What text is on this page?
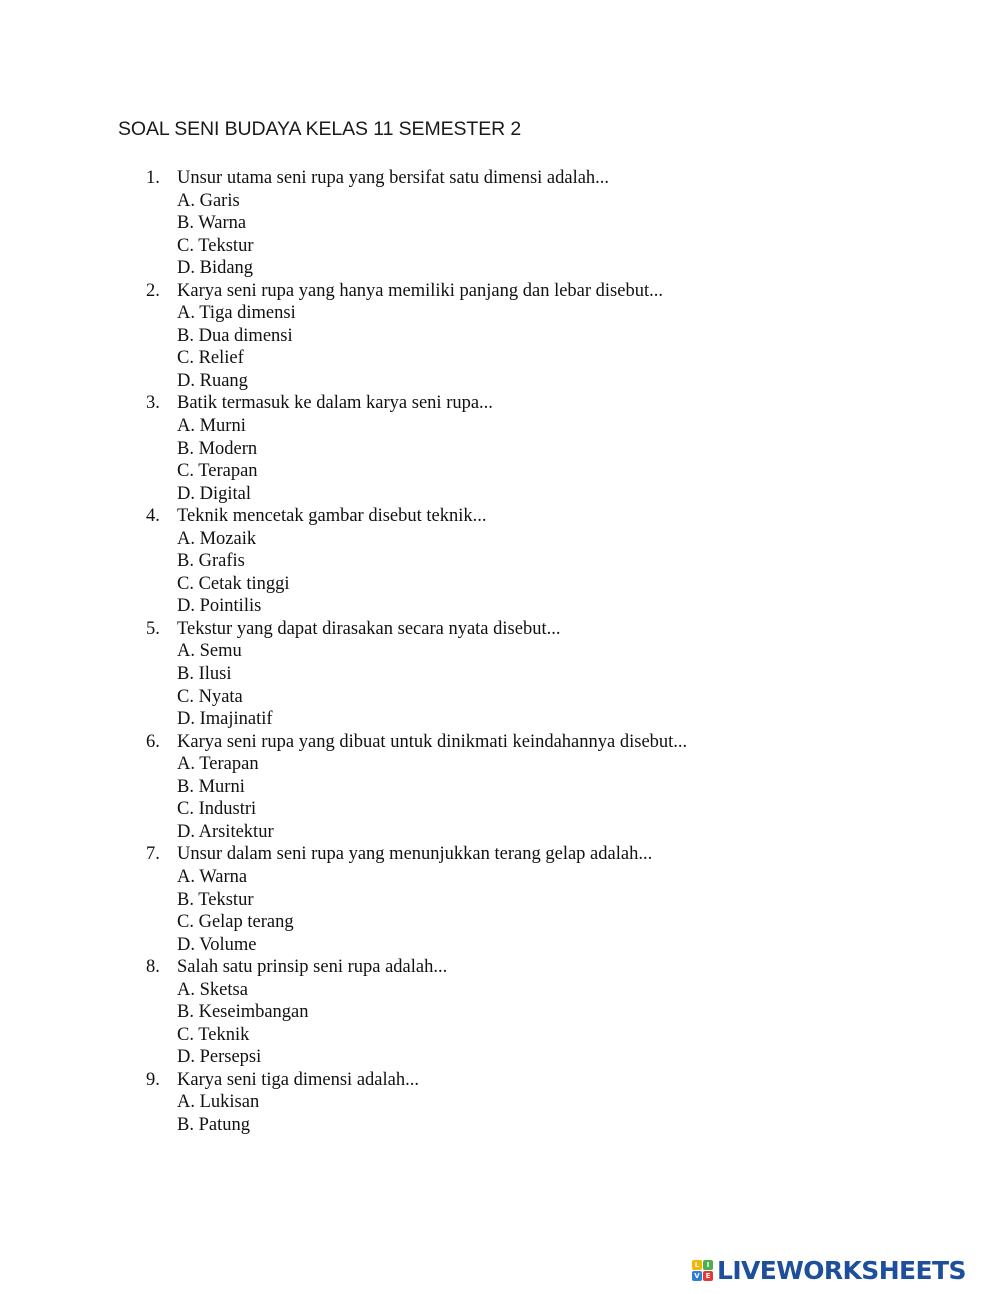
SOAL SENI BUDAYA KELAS 11 SEMESTER 2
1. Unsur utama seni rupa yang bersifat satu dimensi adalah...
A. Garis
B. Warna
C. Tekstur
D. Bidang
2. Karya seni rupa yang hanya memiliki panjang dan lebar disebut...
A. Tiga dimensi
B. Dua dimensi
C. Relief
D. Ruang
3. Batik termasuk ke dalam karya seni rupa...
A. Murni
B. Modern
C. Terapan
D. Digital
4. Teknik mencetak gambar disebut teknik...
A. Mozaik
B. Grafis
C. Cetak tinggi
D. Pointilis
5. Tekstur yang dapat dirasakan secara nyata disebut...
A. Semu
B. Ilusi
C. Nyata
D. Imajinatif
6. Karya seni rupa yang dibuat untuk dinikmati keindahannya disebut...
A. Terapan
B. Murni
C. Industri
D. Arsitektur
7. Unsur dalam seni rupa yang menunjukkan terang gelap adalah...
A. Warna
B. Tekstur
C. Gelap terang
D. Volume
8. Salah satu prinsip seni rupa adalah...
A. Sketsa
B. Keseimbangan
C. Teknik
D. Persepsi
9. Karya seni tiga dimensi adalah...
A. Lukisan
B. Patung
L	I
V E LIVEWORKSHEETS
